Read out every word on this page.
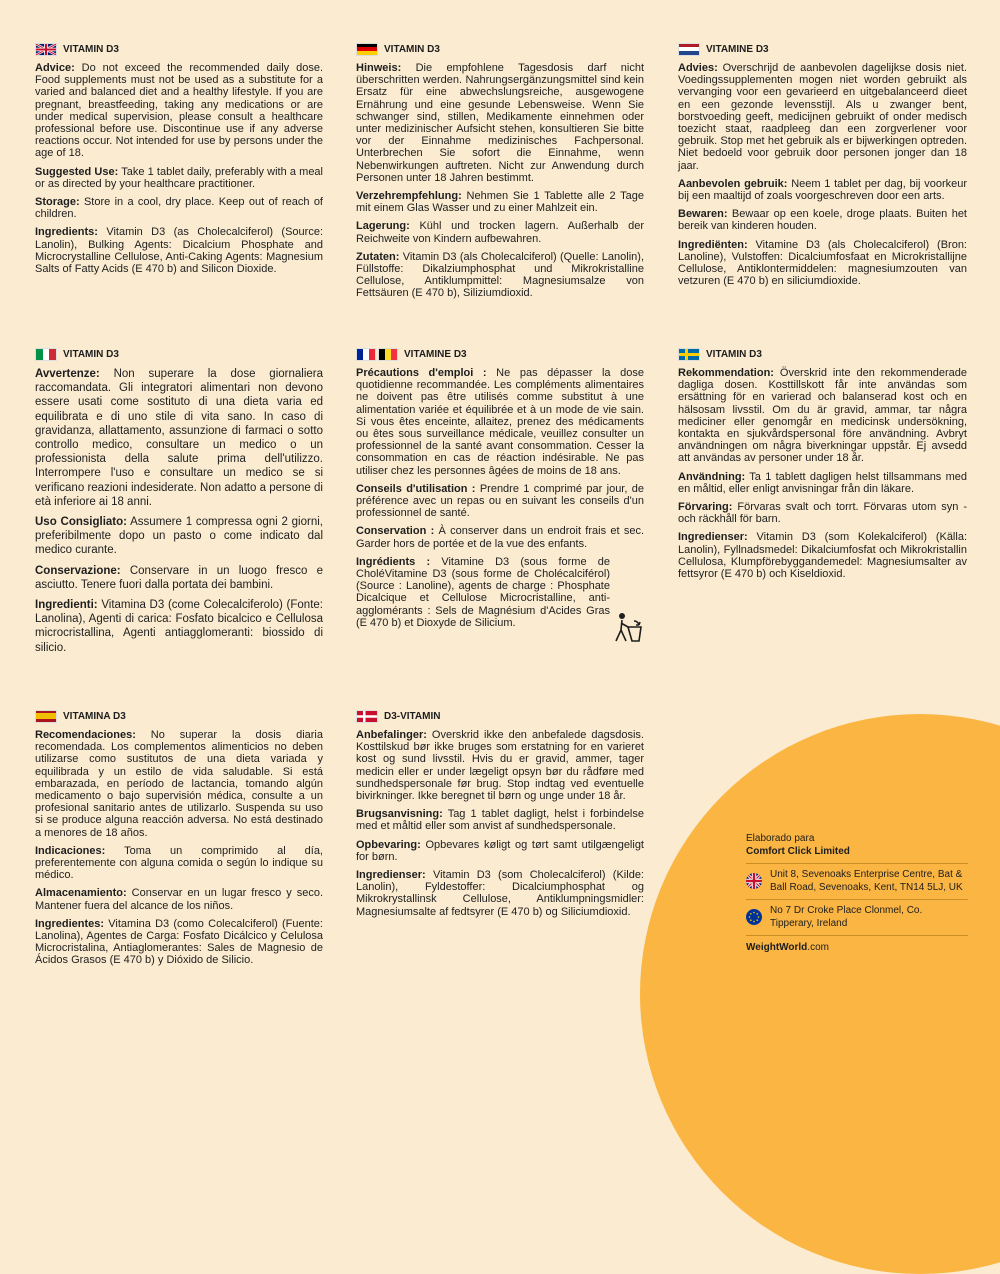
VITAMIN D3

Advice: Do not exceed the recommended daily dose. Food supplements must not be used as a substitute for a varied and balanced diet and a healthy lifestyle. If you are pregnant, breastfeeding, taking any medications or are under medical supervision, please consult a healthcare professional before use. Discontinue use if any adverse reactions occur. Not intended for use by persons under the age of 18.

Suggested Use: Take 1 tablet daily, preferably with a meal or as directed by your healthcare practitioner.

Storage: Store in a cool, dry place. Keep out of reach of children.

Ingredients: Vitamin D3 (as Cholecalciferol) (Source: Lanolin), Bulking Agents: Dicalcium Phosphate and Microcrystalline Cellulose, Anti-Caking Agents: Magnesium Salts of Fatty Acids (E 470 b) and Silicon Dioxide.

VITAMIN D3

Hinweis: Die empfohlene Tagesdosis darf nicht überschritten werden. Nahrungsergänzungsmittel sind kein Ersatz für eine abwechslungsreiche, ausgewogene Ernährung und eine gesunde Lebensweise. Wenn Sie schwanger sind, stillen, Medikamente einnehmen oder unter medizinischer Aufsicht stehen, konsultieren Sie bitte vor der Einnahme medizinisches Fachpersonal. Unterbrechen Sie sofort die Einnahme, wenn Nebenwirkungen auftreten. Nicht zur Anwendung durch Personen unter 18 Jahren bestimmt.

Verzehrempfehlung: Nehmen Sie 1 Tablette alle 2 Tage mit einem Glas Wasser und zu einer Mahlzeit ein.

Lagerung: Kühl und trocken lagern. Außerhalb der Reichweite von Kindern aufbewahren.

Zutaten: Vitamin D3 (als Cholecalciferol) (Quelle: Lanolin), Füllstoffe: Dikalziumphosphat und Mikrokristalline Cellulose, Antiklumpmittel: Magnesiumsalze von Fettsäuren (E 470 b), Siliziumdioxid.

VITAMINE D3

Advies: Overschrijd de aanbevolen dagelijkse dosis niet. Voedingssupplementen mogen niet worden gebruikt als vervanging voor een gevarieerd en uitgebalanceerd dieet en een gezonde levensstijl. Als u zwanger bent, borstvoeding geeft, medicijnen gebruikt of onder medisch toezicht staat, raadpleeg dan een zorgverlener voor gebruik. Stop met het gebruik als er bijwerkingen optreden. Niet bedoeld voor gebruik door personen jonger dan 18 jaar.

Aanbevolen gebruik: Neem 1 tablet per dag, bij voorkeur bij een maaltijd of zoals voorgeschreven door een arts.

Bewaren: Bewaar op een koele, droge plaats. Buiten het bereik van kinderen houden.

Ingrediënten: Vitamine D3 (als Cholecalciferol) (Bron: Lanoline), Vulstoffen: Dicalciumfosfaat en Microkristallijne Cellulose, Antiklontermiddelen: magnesiumzouten van vetzuren (E 470 b) en siliciumdioxide.

VITAMIN D3

Avvertenze: Non superare la dose giornaliera raccomandata. Gli integratori alimentari non devono essere usati come sostituto di una dieta varia ed equilibrata e di uno stile di vita sano. In caso di gravidanza, allattamento, assunzione di farmaci o sotto controllo medico, consultare un medico o un professionista della salute prima dell'utilizzo. Interrompere l'uso e consultare un medico se si verificano reazioni indesiderate. Non adatto a persone di età inferiore ai 18 anni.

Uso Consigliato: Assumere 1 compressa ogni 2 giorni, preferibilmente dopo un pasto o come indicato dal medico curante.

Conservazione: Conservare in un luogo fresco e asciutto. Tenere fuori dalla portata dei bambini.

Ingredienti: Vitamina D3 (come Colecalciferolo) (Fonte: Lanolina), Agenti di carica: Fosfato bicalcico e Cellulosa microcristallina, Agenti antiagglomeranti: biossido di silicio.

VITAMINE D3

Précautions d'emploi : Ne pas dépasser la dose quotidienne recommandée. Les compléments alimentaires ne doivent pas être utilisés comme substitut à une alimentation variée et équilibrée et à un mode de vie sain. Si vous êtes enceinte, allaitez, prenez des médicaments ou êtes sous surveillance médicale, veuillez consulter un professionnel de la santé avant consommation. Cesser la consommation en cas de réaction indésirable. Ne pas utiliser chez les personnes âgées de moins de 18 ans.

Conseils d'utilisation : Prendre 1 comprimé par jour, de préférence avec un repas ou en suivant les conseils d'un professionnel de santé.

Conservation : À conserver dans un endroit frais et sec. Garder hors de portée et de la vue des enfants.

Ingrédients : Vitamine D3 (sous forme de CholéVitamine D3 (sous forme de Cholécalciférol) (Source : Lanoline), agents de charge : Phosphate Dicalcique et Cellulose Microcristalline, anti-agglomérants : Sels de Magnésium d'Acides Gras (E 470 b) et Dioxyde de Silicium.

VITAMIN D3

Rekommendation: Överskrid inte den rekommenderade dagliga dosen. Kosttillskott får inte användas som ersättning för en varierad och balanserad kost och en hälsosam livsstil. Om du är gravid, ammar, tar några mediciner eller genomgår en medicinsk undersökning, kontakta en sjukvårdspersonal före användning. Avbryt användningen om några biverkningar uppstår. Ej avsedd att användas av personer under 18 år.

Användning: Ta 1 tablett dagligen helst tillsammans med en måltid, eller enligt anvisningar från din läkare.

Förvaring: Förvaras svalt och torrt. Förvaras utom syn - och räckhåll för barn.

Ingredienser: Vitamin D3 (som Kolekalciferol) (Källa: Lanolin), Fyllnadsmedel: Dikalciumfosfat och Mikrokristallin Cellulosa, Klumpförebyggandemedel: Magnesiumsalter av fettsyror (E 470 b) och Kiseldioxid.

VITAMINA D3

Recomendaciones: No superar la dosis diaria recomendada. Los complementos alimenticios no deben utilizarse como sustitutos de una dieta variada y equilibrada y un estilo de vida saludable. Si está embarazada, en período de lactancia, tomando algún medicamento o bajo supervisión médica, consulte a un profesional sanitario antes de utilizarlo. Suspenda su uso si se produce alguna reacción adversa. No está destinado a menores de 18 años.

Indicaciones: Toma un comprimido al día, preferentemente con alguna comida o según lo indique su médico.

Almacenamiento: Conservar en un lugar fresco y seco. Mantener fuera del alcance de los niños.

Ingredientes: Vitamina D3 (como Colecalciferol) (Fuente: Lanolina), Agentes de Carga: Fosfato Dicálcico y Celulosa Microcristalina, Antiaglomerantes: Sales de Magnesio de Ácidos Grasos (E 470 b) y Dióxido de Silicio.

D3-VITAMIN

Anbefalinger: Overskrid ikke den anbefalede dagsdosis. Kosttilskud bør ikke bruges som erstatning for en varieret kost og sund livsstil. Hvis du er gravid, ammer, tager medicin eller er under lægeligt opsyn bør du rådføre med sundhedspersonale før brug. Stop indtag ved eventuelle bivirkninger. Ikke beregnet til børn og unge under 18 år.

Brugsanvisning: Tag 1 tablet dagligt, helst i forbindelse med et måltid eller som anvist af sundhedspersonale.

Opbevaring: Opbevares køligt og tørt samt utilgængeligt for børn.

Ingredienser: Vitamin D3 (som Cholecalciferol) (Kilde: Lanolin), Fyldestoffer: Dicalciumphosphat og Mikrokrystallinsk Cellulose, Antiklumpningsmidler: Magnesiumsalte af fedtsyrer (E 470 b) og Siliciumdioxid.

Elaborado para
Comfort Click Limited
Unit 8, Sevenoaks Enterprise Centre, Bat & Ball Road, Sevenoaks, Kent, TN14 5LJ, UK
No 7 Dr Croke Place Clonmel, Co. Tipperary, Ireland
WeightWorld.com
